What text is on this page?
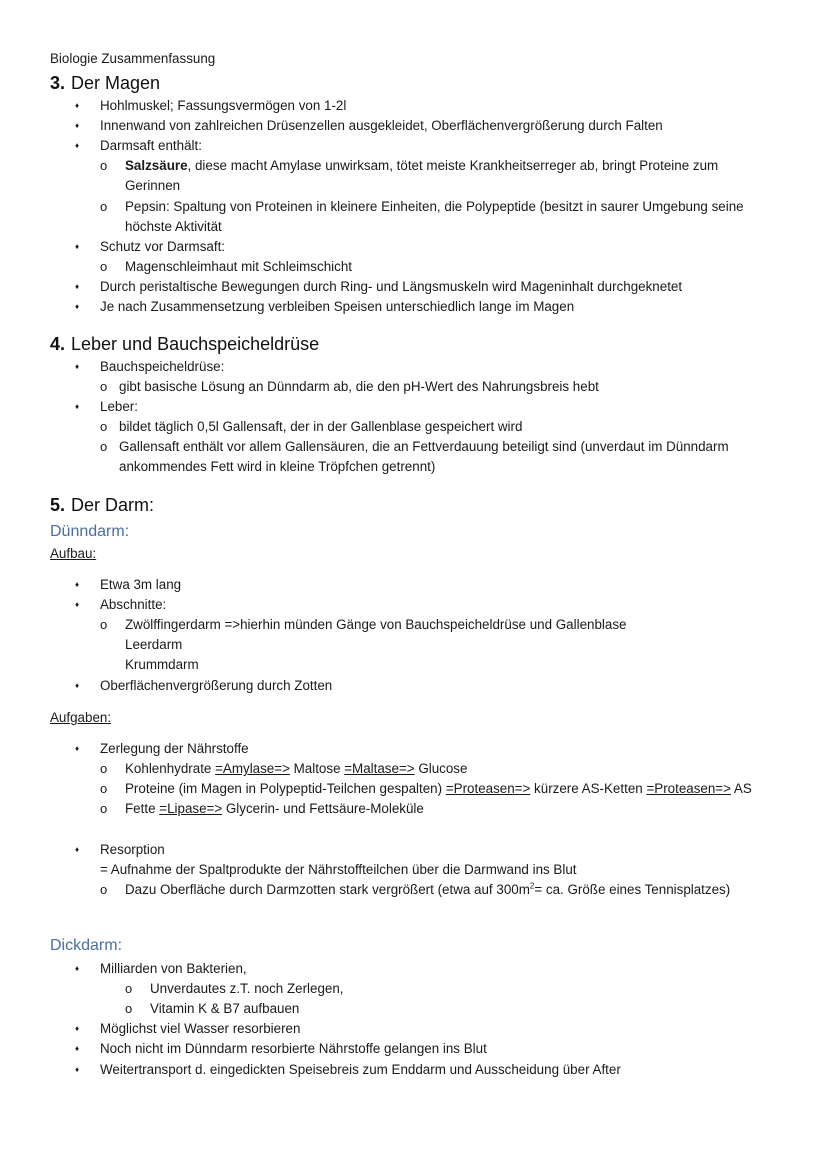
Biologie Zusammenfassung
3. Der Magen
♦ Hohlmuskel; Fassungsvermögen von 1-2l
♦ Innenwand von zahlreichen Drüsenzellen ausgekleidet, Oberflächenvergrößerung durch Falten
♦ Darmsaft enthält:
o Salzsäure, diese macht Amylase unwirksam, tötet meiste Krankheitserreger ab, bringt Proteine zum
Gerinnen
o Pepsin: Spaltung von Proteinen in kleinere Einheiten, die Polypeptide (besitzt in saurer Umgebung seine
höchste Aktivität
♦ Schutz vor Darmsaft:
o Magenschleimhaut mit Schleimschicht
♦ Durch peristaltische Bewegungen durch Ring- und Längsmuskeln wird Mageninhalt durchgeknetet
♦ Je nach Zusammensetzung verbleiben Speisen unterschiedlich lange im Magen
4. Leber und Bauchspeicheldrüse
♦ Bauchspeicheldrüse:
o gibt basische Lösung an Dünndarm ab, die den pH-Wert des Nahrungsbreis hebt
♦ Leber:
o bildet täglich 0,5l Gallensaft, der in der Gallenblase gespeichert wird
o Gallensaft enthält vor allem Gallensäuren, die an Fettverdauung beteiligt sind (unverdaut im Dünndarm
ankommendes Fett wird in kleine Tröpfchen getrennt)
5. Der Darm:
Dünndarm:
Aufbau:
♦ Etwa 3m lang
♦ Abschnitte:
o Zwölffingerdarm =>hierhin münden Gänge von Bauchspeicheldrüse und Gallenblase
Leerdarm
Krummdarm
♦ Oberflächenvergrößerung durch Zotten
Aufgaben:
♦ Zerlegung der Nährstoffe
o Kohlenhydrate =Amylase=> Maltose =Maltase=> Glucose
o Proteine (im Magen in Polypeptid-Teilchen gespalten) =Proteasen=> kürzere AS-Ketten =Proteasen=> AS
o Fette =Lipase=> Glycerin- und Fettsäure-Moleküle
♦ Resorption
= Aufnahme der Spaltprodukte der Nährstoffteilchen über die Darmwand ins Blut
o Dazu Oberfläche durch Darmzotten stark vergrößert (etwa auf $300m^2=$ ca. Größe eines Tennisplatzes)
Dickdarm:
♦ Milliarden von Bakterien,
o Unverdautes z.T. noch Zerlegen,
o Vitamin K & B7 aufbauen
♦ Möglichst viel Wasser resorbieren
♦ Noch nicht im Dünndarm resorbierte Nährstoffe gelangen ins Blut
♦ Weitertransport d. eingedickten Speisebreis zum Enddarm und Ausscheidung über After
